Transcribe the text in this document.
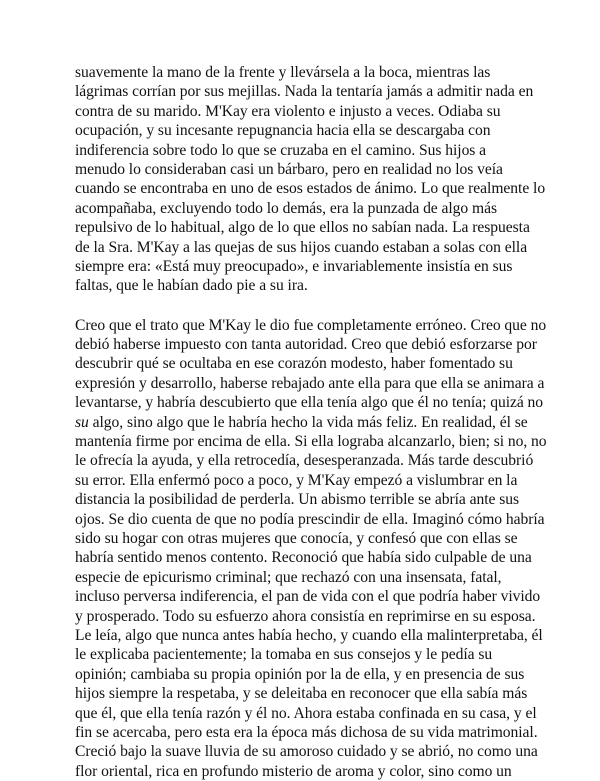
suavemente la mano de la frente y llevársela a la boca, mientras las
lágrimas corrían por sus mejillas. Nada la tentaría jamás a admitir nada en
contra de su marido. M'Kay era violento e injusto a veces. Odiaba su
ocupación, y su incesante repugnancia hacia ella se descargaba con
indiferencia sobre todo lo que se cruzaba en el camino. Sus hijos a
menudo lo consideraban casi un bárbaro, pero en realidad no los veía
cuando se encontraba en uno de esos estados de ánimo. Lo que realmente lo
acompañaba, excluyendo todo lo demás, era la punzada de algo más
repulsivo de lo habitual, algo de lo que ellos no sabían nada. La respuesta
de la Sra. M'Kay a las quejas de sus hijos cuando estaban a solas con ella
siempre era: «Está muy preocupado», e invariablemente insistía en sus
faltas, que le habían dado pie a su ira.
Creo que el trato que M'Kay le dio fue completamente erróneo. Creo que no
debió haberse impuesto con tanta autoridad. Creo que debió esforzarse por
descubrir qué se ocultaba en ese corazón modesto, haber fomentado su
expresión y desarrollo, haberse rebajado ante ella para que ella se animara a
levantarse, y habría descubierto que ella tenía algo que él no tenía; quizá no
su algo, sino algo que le habría hecho la vida más feliz. En realidad, él se
mantenía firme por encima de ella. Si ella lograba alcanzarlo, bien; si no, no
le ofrecía la ayuda, y ella retrocedía, desesperanzada. Más tarde descubrió
su error. Ella enfermó poco a poco, y M'Kay empezó a vislumbrar en la
distancia la posibilidad de perderla. Un abismo terrible se abría ante sus
ojos. Se dio cuenta de que no podía prescindir de ella. Imaginó cómo habría
sido su hogar con otras mujeres que conocía, y confesó que con ellas se
habría sentido menos contento. Reconoció que había sido culpable de una
especie de epicurismo criminal; que rechazó con una insensata, fatal,
incluso perversa indiferencia, el pan de vida con el que podría haber vivido
y prosperado. Todo su esfuerzo ahora consistía en reprimirse en su esposa.
Le leía, algo que nunca antes había hecho, y cuando ella malinterpretaba, él
le explicaba pacientemente; la tomaba en sus consejos y le pedía su
opinión; cambiaba su propia opinión por la de ella, y en presencia de sus
hijos siempre la respetaba, y se deleitaba en reconocer que ella sabía más
que él, que ella tenía razón y él no. Ahora estaba confinada en su casa, y el
fin se acercaba, pero esta era la época más dichosa de su vida matrimonial.
Creció bajo la suave lluvia de su amoroso cuidado y se abrió, no como una
flor oriental, rica en profundo misterio de aroma y color, sino como un
